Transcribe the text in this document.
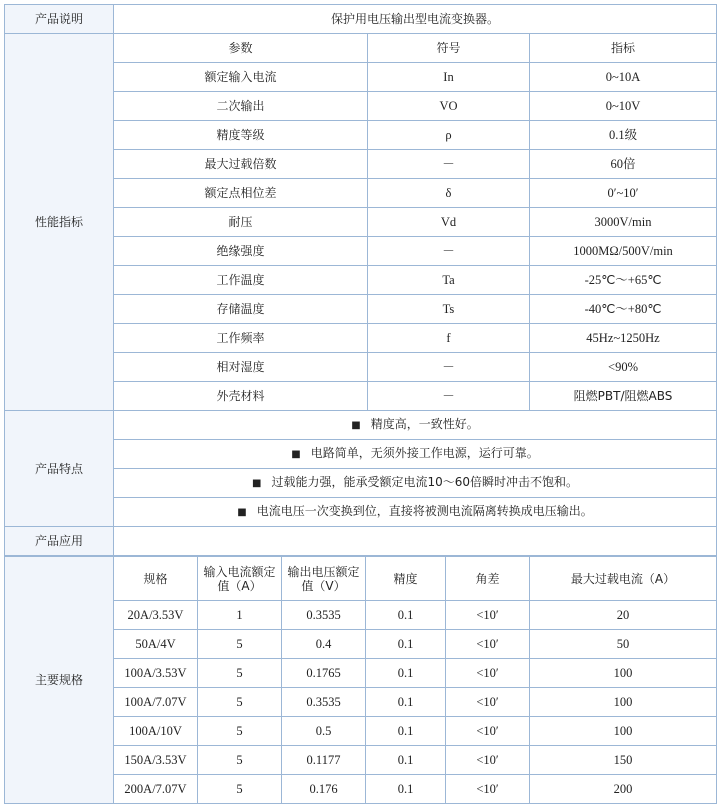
产品说明	保护用电压输出型电流变换器。		
性能指标	参数	符号	指标
	额定输入电流	In	0~10A
	二次输出	VO	0~10V
	精度等级	ρ	0.1级
	最大过载倍数	－	60倍
	额定点相位差	δ	0′~10′
	耐压	Vd	3000V/min
	绝缘强度	－	1000MΩ/500V/min
	工作温度	Ta	-25℃～+65℃
	存储温度	Ts	-40℃～+80℃
	工作频率	f	45Hz~1250Hz
	相对湿度	－	<90%
	外壳材料	－	阻燃PBT/阻燃ABS
产品特点	■ 精度高，一致性好。		
	■ 电路简单，无须外接工作电源，运行可靠。		
	■ 过载能力强，能承受额定电流10～60倍瞬时冲击不饱和。		
	■ 电流电压一次变换到位，直接将被测电流隔离转换成电压输出。		
产品应用			
主要规格	规格	输入电流额定值（A）	输出电压额定值（V）	精度	角差	最大过载电流（A）
	20A/3.53V	1	0.3535	0.1	<10′	20
	50A/4V	5	0.4	0.1	<10′	50
	100A/3.53V	5	0.1765	0.1	<10′	100
	100A/7.07V	5	0.3535	0.1	<10′	100
	100A/10V	5	0.5	0.1	<10′	100
	150A/3.53V	5	0.1177	0.1	<10′	150
	200A/7.07V	5	0.176	0.1	<10′	200
